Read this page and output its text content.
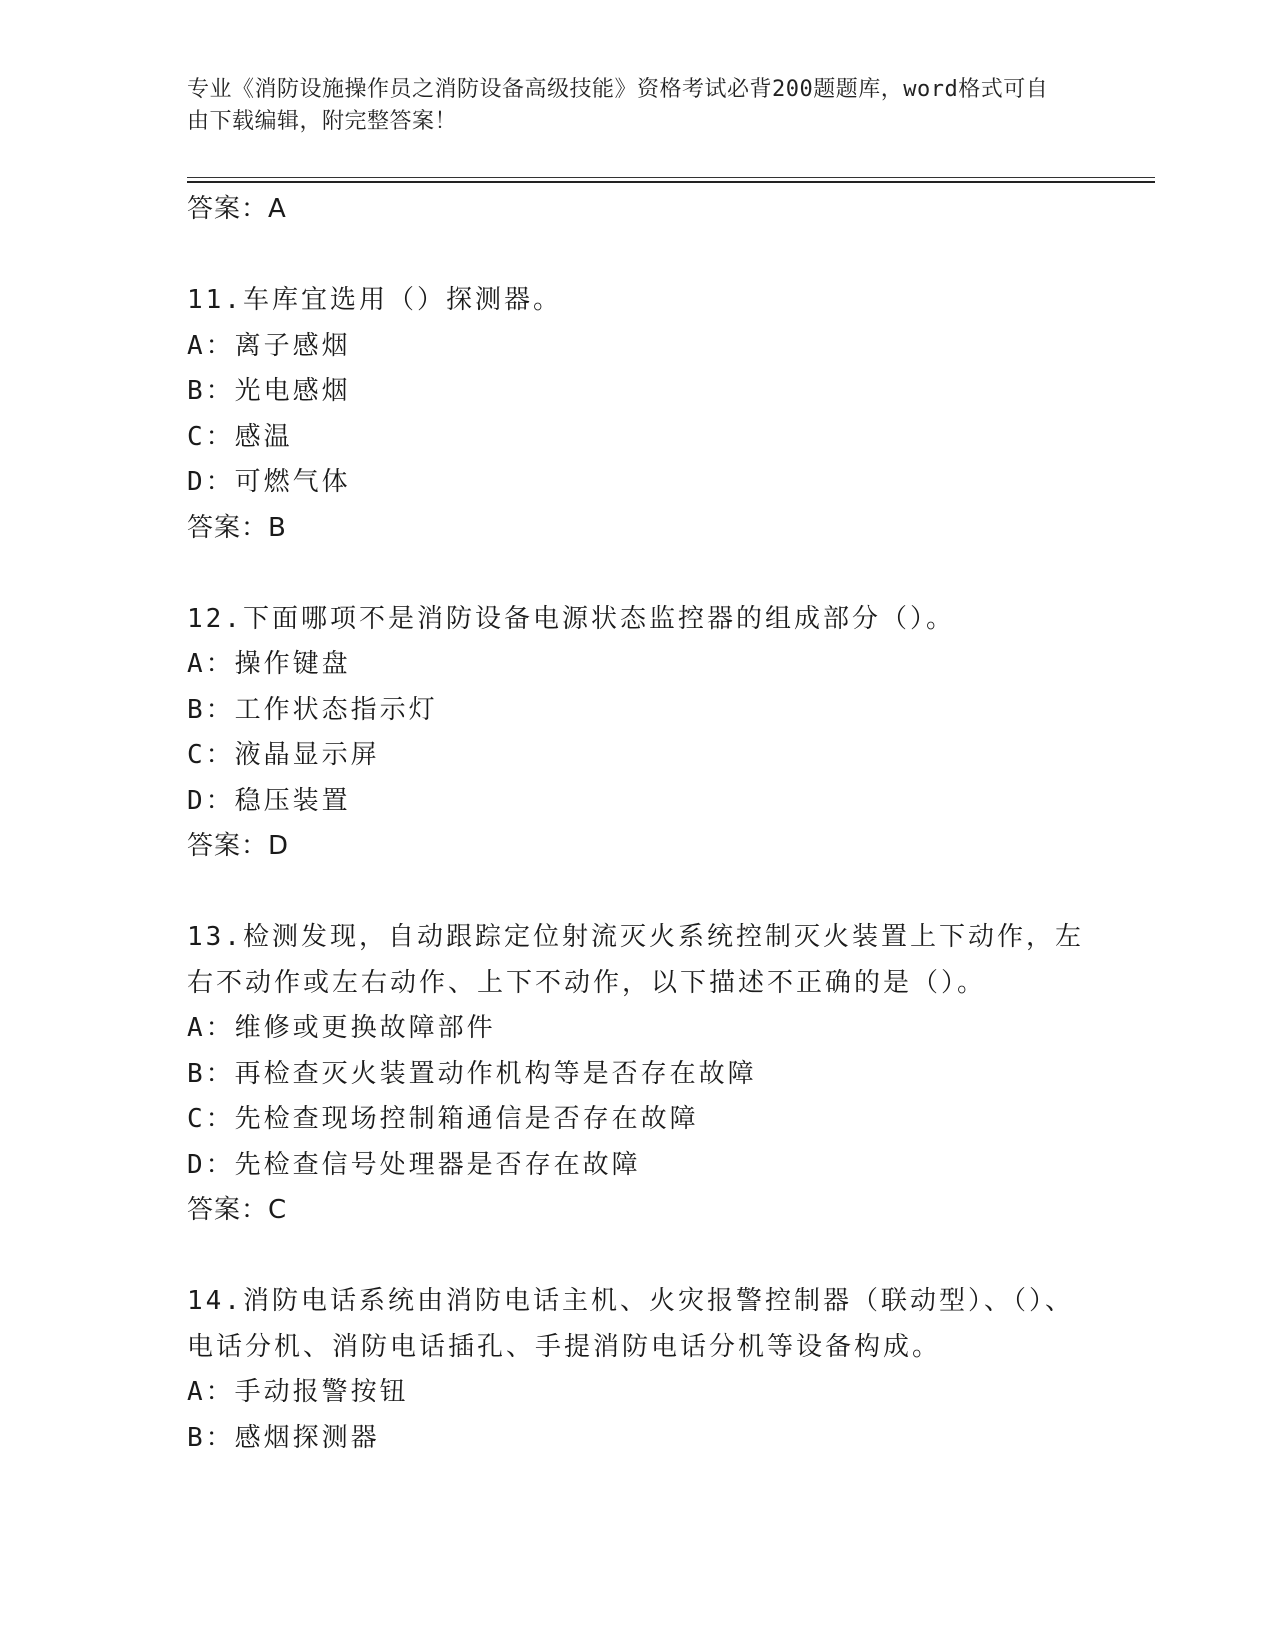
专业《消防设施操作员之消防设备高级技能》资格考试必背200题题库，word格式可自由下载编辑，附完整答案！
答案：A
11.车库宜选用（）探测器。
A：离子感烟
B：光电感烟
C：感温
D：可燃气体
答案：B
12.下面哪项不是消防设备电源状态监控器的组成部分（）。
A：操作键盘
B：工作状态指示灯
C：液晶显示屏
D：稳压装置
答案：D
13.检测发现，自动跟踪定位射流灭火系统控制灭火装置上下动作，左右不动作或左右动作、上下不动作，以下描述不正确的是（）。
A：维修或更换故障部件
B：再检查灭火装置动作机构等是否存在故障
C：先检查现场控制箱通信是否存在故障
D：先检查信号处理器是否存在故障
答案：C
14.消防电话系统由消防电话主机、火灾报警控制器（联动型）、（）、电话分机、消防电话插孔、手提消防电话分机等设备构成。
A：手动报警按钮
B：感烟探测器
